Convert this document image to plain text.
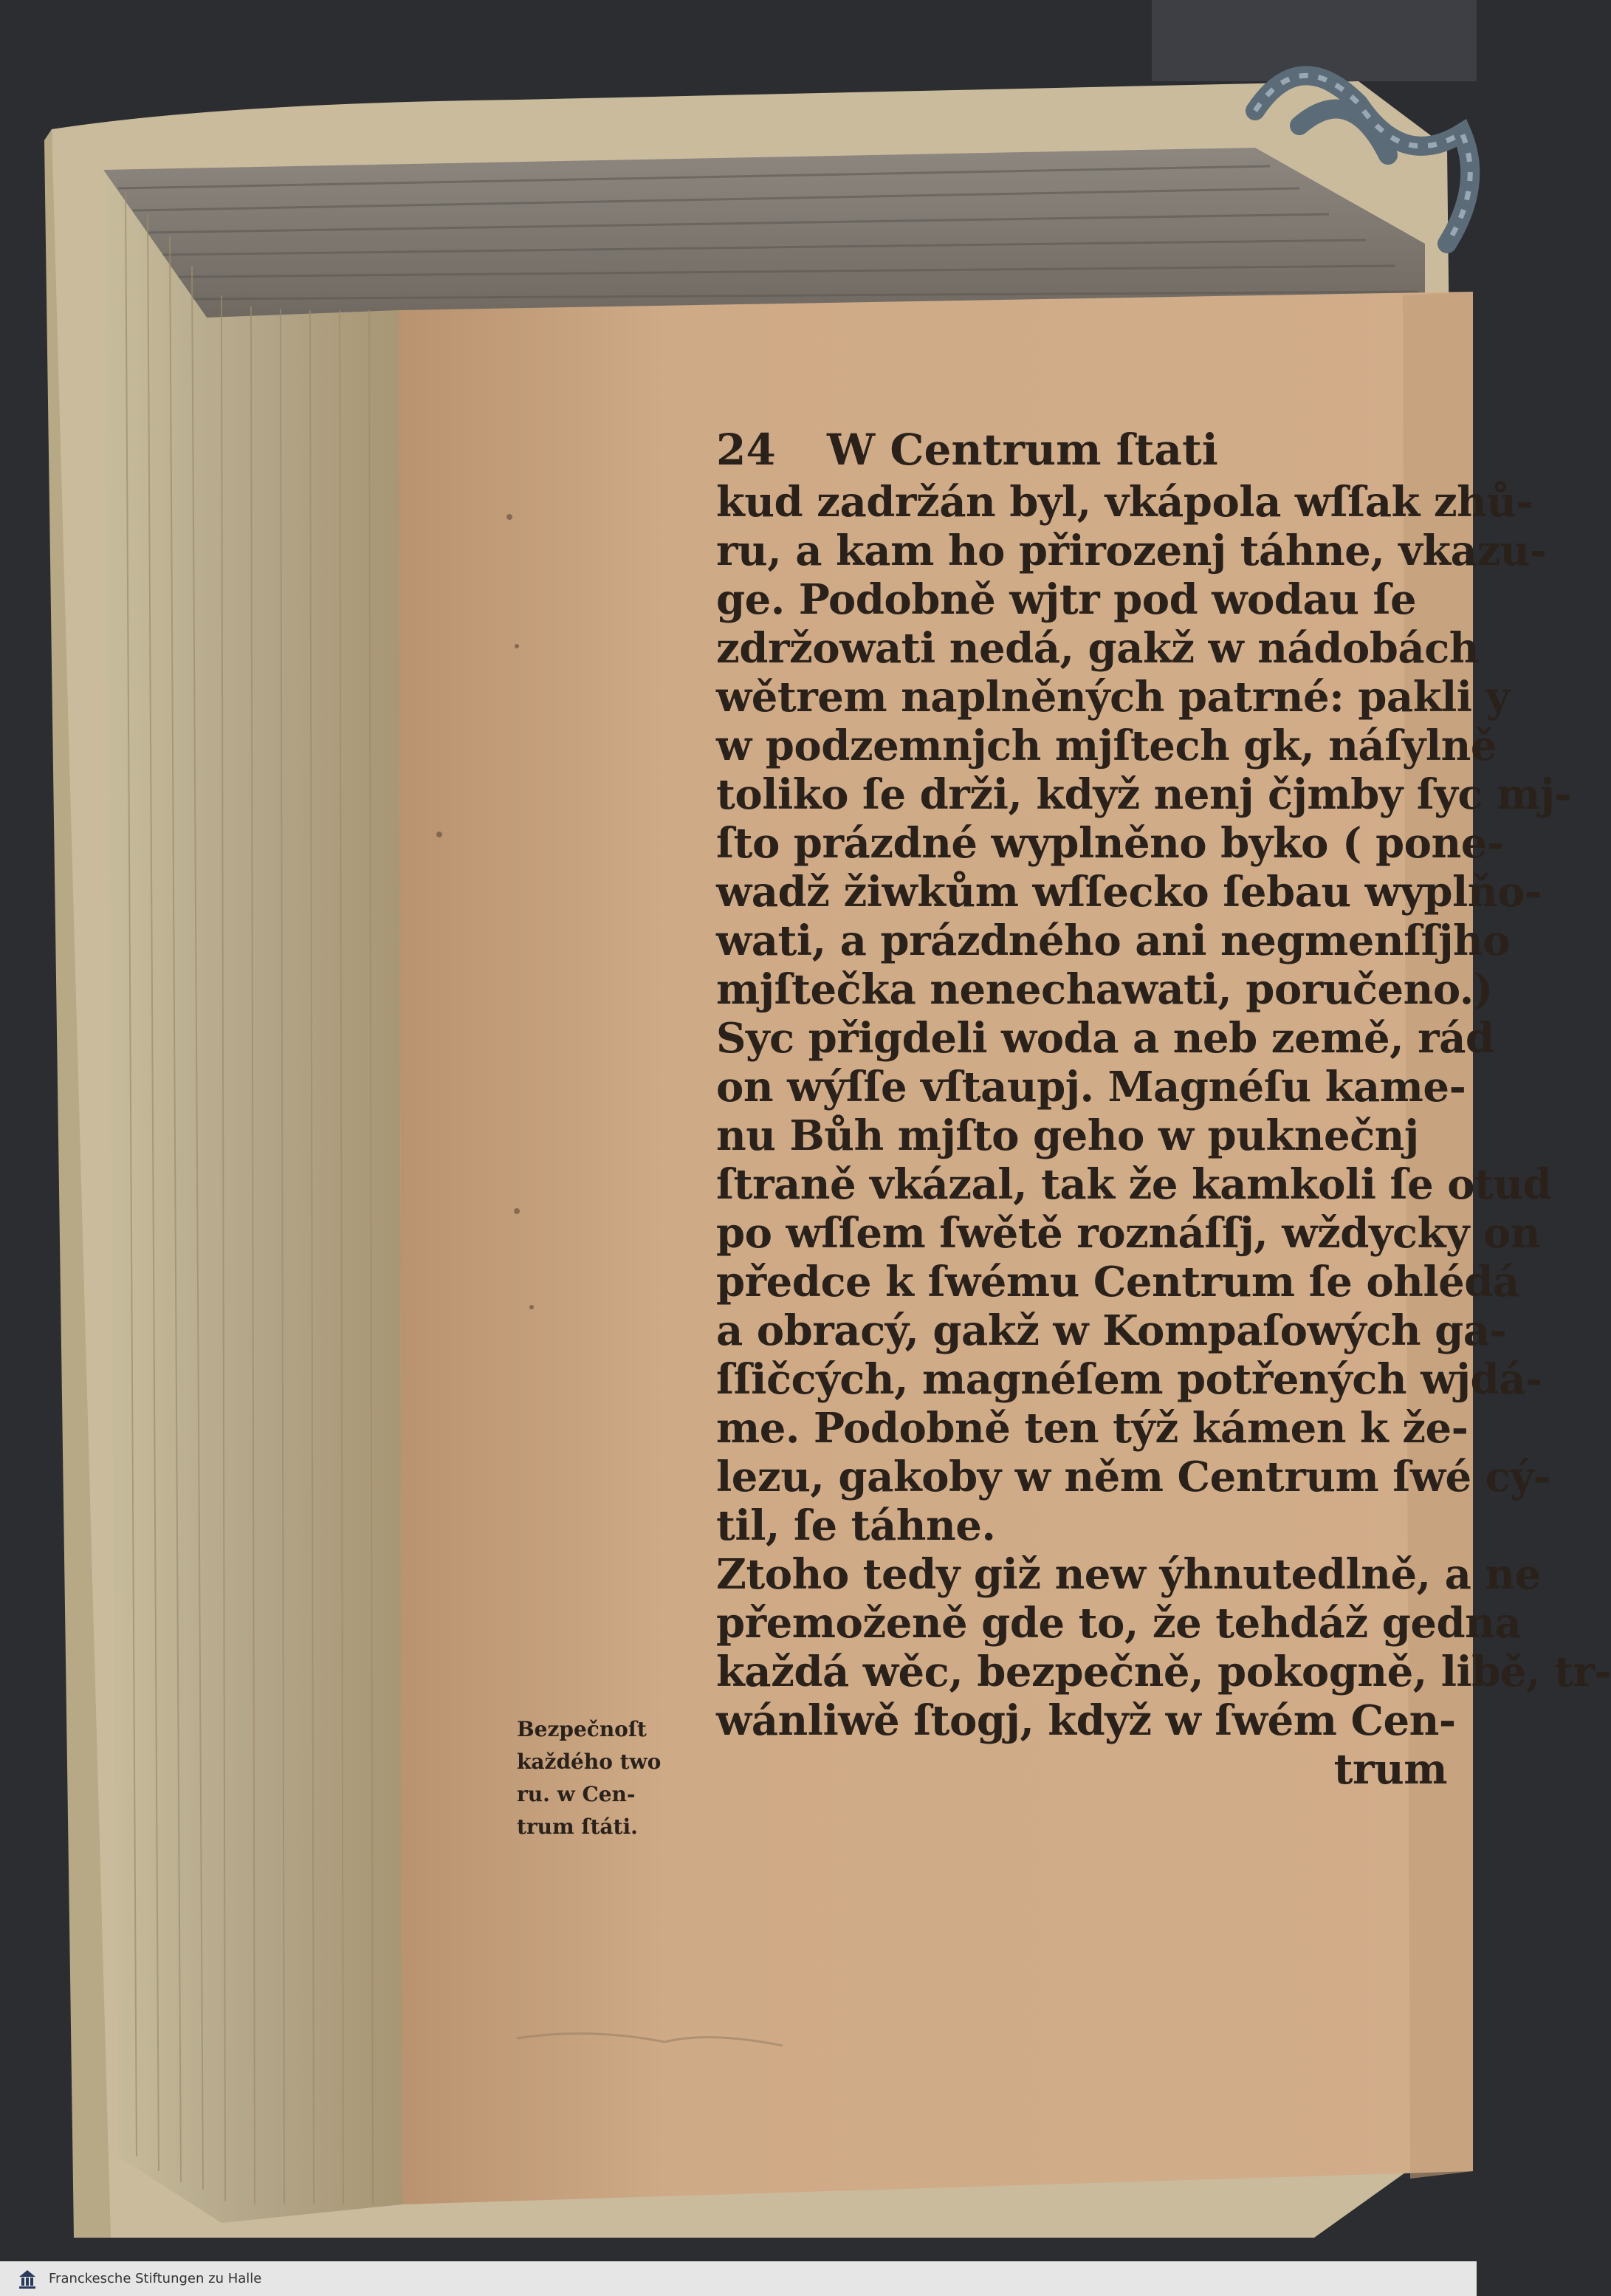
24	W Centrum ſtati
kud zadržán byl, vkápola wſſak zhů-
ru, a kam ho přirozenj táhne, vkazu-
ge. Podobně wjtr pod wodau ſe
zdržowati nedá, gakž w nádobách
wětrem naplněných patrné: pakli y
w podzemnjch mjſtech gk, náſylně
toliko ſe drži, když nenj čjmby ſyc mj-
ſto prázdné wyplněno byko ( pone-
wadž žiwkům wſſecko ſebau wyplňo-
wati, a prázdného ani negmenſſjho
mjſtečka nenechawati, poručeno.)
Syc přigdeli woda a neb země, rád
on wýſſe vſtaupj. Magnéſu kame-
nu Bůh mjſto geho w puknečnj
ſtraně vkázal, tak že kamkoli ſe otud
po wſſem ſwětě roznáſſj, wždycky on
předce k ſwému Centrum ſe ohlédá
a obracý, gakž w Kompaſowých ga-
ſſičcých, magnéſem potřených wjdá-
me. Podobně ten týž kámen k že-
lezu, gakoby w něm Centrum ſwé cý-
til, ſe táhne.
Ztoho tedy giž new ýhnutedlně, a ne
přemoženě gde to, že tehdáž gedna
každá wěc, bezpečně, pokogně, libě, tr-
wánliwě ſtogj, když w ſwém Cen-
trum
Bezpečnoſt
každého two
ru. w Cen-
trum ſtáti.
Franckesche Stiftungen zu Halle
